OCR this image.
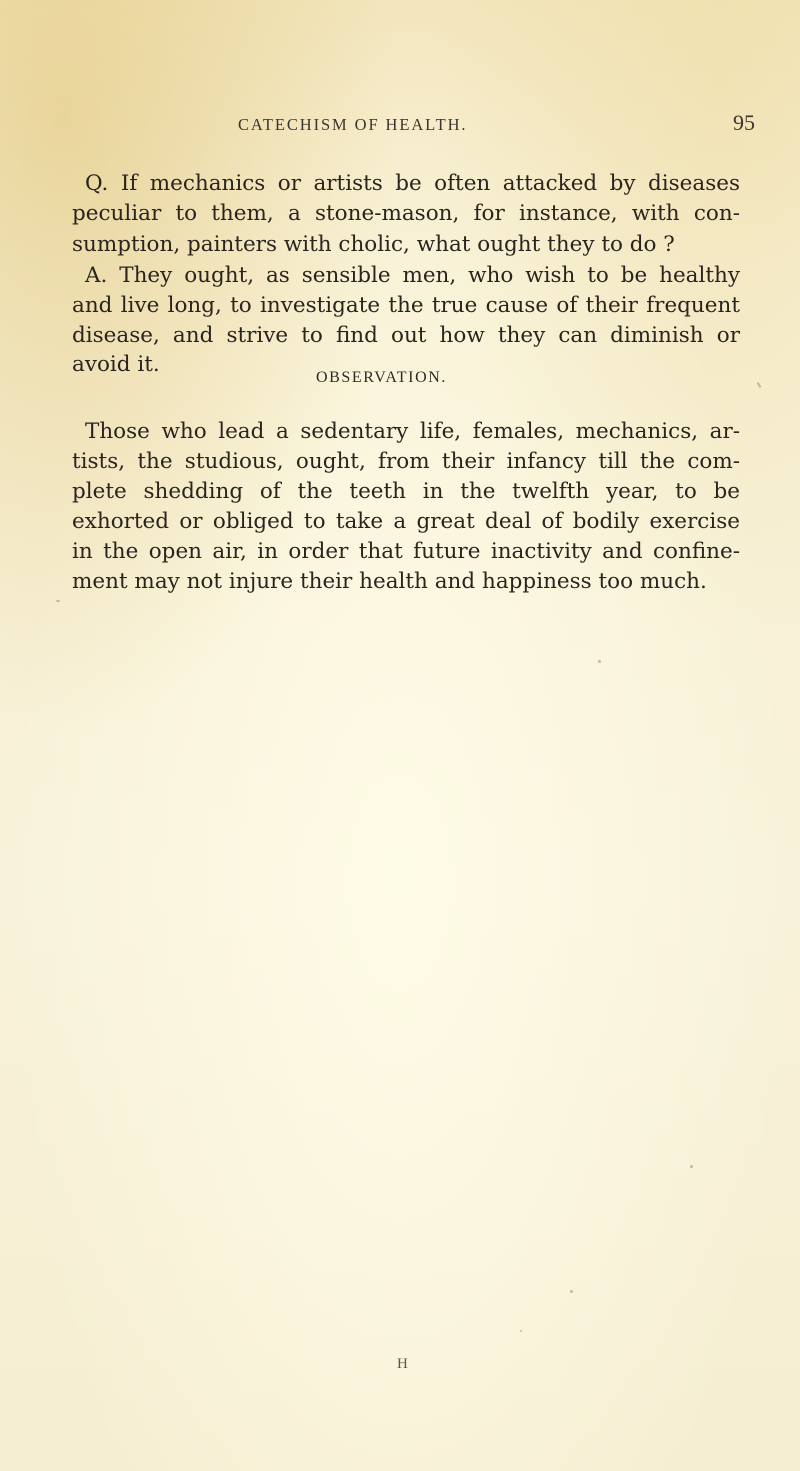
CATECHISM OF HEALTH.	95
Q. If mechanics or artists be often attacked by diseases
peculiar to them, a stone-mason, for instance, with con-
sumption, painters with cholic, what ought they to do ?
A. They ought, as sensible men, who wish to be healthy
and live long, to investigate the true cause of their frequent
disease, and strive to find out how they can diminish or
avoid it.
OBSERVATION.
Those who lead a sedentary life, females, mechanics, ar-
tists, the studious, ought, from their infancy till the com-
plete shedding of the teeth in the twelfth year, to be
exhorted or obliged to take a great deal of bodily exercise
in the open air, in order that future inactivity and confine-
ment may not injure their health and happiness too much.
H
